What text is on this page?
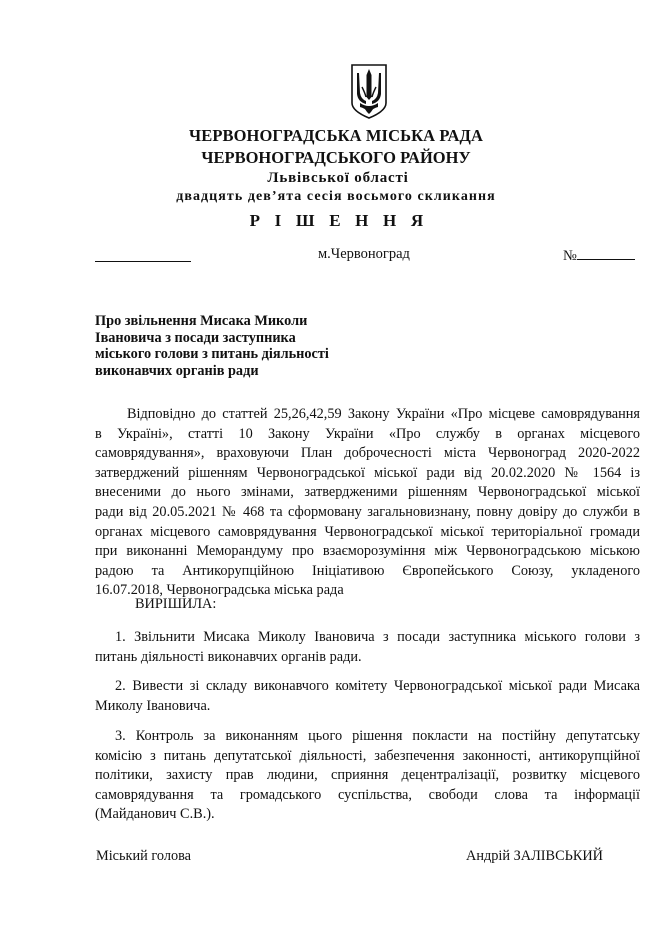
ЧЕРВОНОГРАДСЬКА МІСЬКА РАДА
ЧЕРВОНОГРАДСЬКОГО РАЙОНУ
Львівської області
двадцять дев’ята сесія восьмого скликання
Р І Ш Е Н Н Я
м.Червоноград	№
Про звільнення Мисака Миколи
Івановича з посади заступника
міського голови з питань діяльності
виконавчих органів ради
Відповідно до статтей 25,26,42,59 Закону України «Про місцеве самоврядування
в Україні», статті 10 Закону України «Про службу в органах місцевого
самоврядування», враховуючи План доброчесності міста Червоноград 2020-2022
затверджений рішенням Червоноградської міської ради від 20.02.2020 № 1564 із
внесеними до нього змінами, затвердженими рішенням Червоноградської міської
ради від 20.05.2021 № 468 та сформовану загальновизнану, повну довіру до служби в
органах місцевого самоврядування Червоноградської міської територіальної громади
при виконанні Меморандуму про взаєморозуміння між Червоноградською міською
радою та Антикорупційною Ініціативою Європейського Союзу, укладеного
16.07.2018, Червоноградська міська рада
ВИРІШИЛА:
1. Звільнити Мисака Миколу Івановича з посади заступника міського голови з
питань діяльності виконавчих органів ради.
2. Вивести зі складу виконавчого комітету Червоноградської міської ради Мисака
Миколу Івановича.
3. Контроль за виконанням цього рішення покласти на постійну депутатську
комісію з питань депутатської діяльності, забезпечення законності, антикорупційної
політики, захисту прав людини, сприяння децентралізації, розвитку місцевого
самоврядування та громадського суспільства, свободи слова та інформації
(Майданович С.В.).
Міський голова	Андрій ЗАЛІВСЬКИЙ
